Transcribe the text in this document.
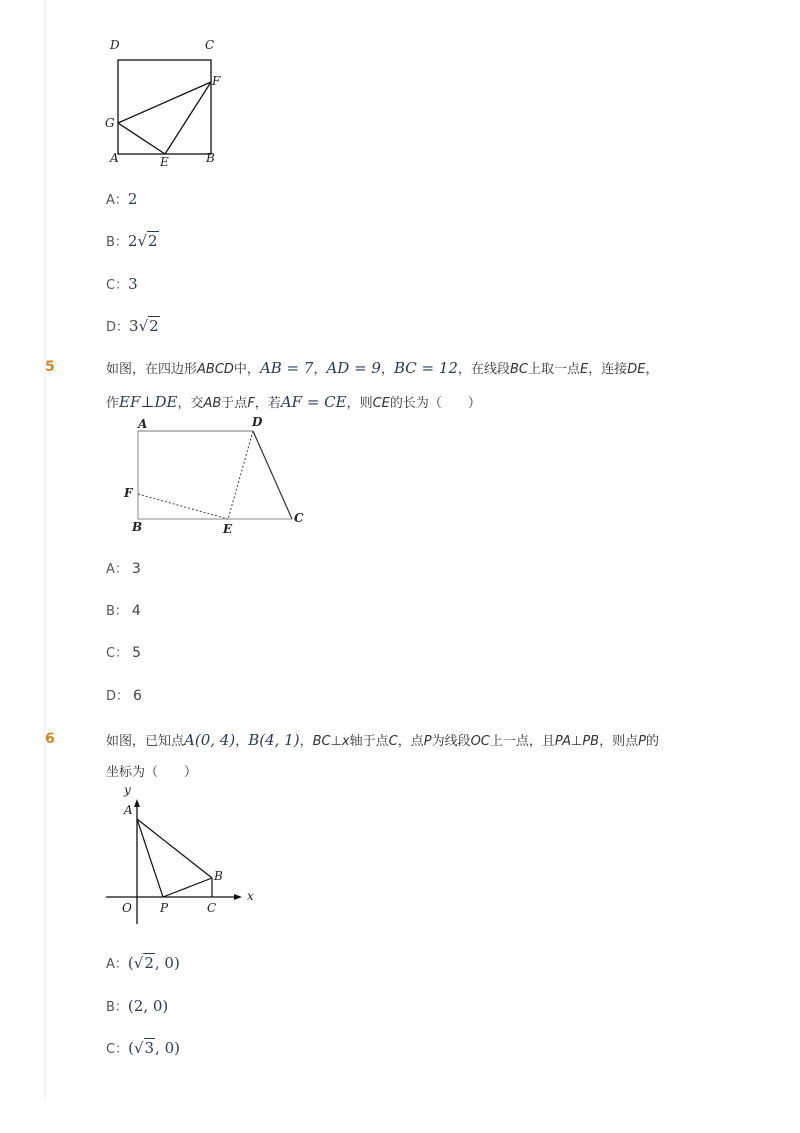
D	C
F
G
A	E	B
A：2
B：2√2
C：3
D：3√2
5	如图，在四边形ABCD中，AB = 7，AD = 9，BC = 12，在线段BC上取一点E，连接DE，
作EF⊥DE，交AB于点F，若AF = CE，则CE的长为（　　）
A	D
F
B	E
C
A： 3
B： 4
C： 5
D： 6
6	如图，已知点A(0, 4)，B(4, 1)，BC⊥x轴于点C，点P为线段OC上一点，且PA⊥PB，则点P的
坐标为（　　）
y
A
B
x
O P	C
A：(√2, 0)
B：(2, 0)
C：(√3, 0)
